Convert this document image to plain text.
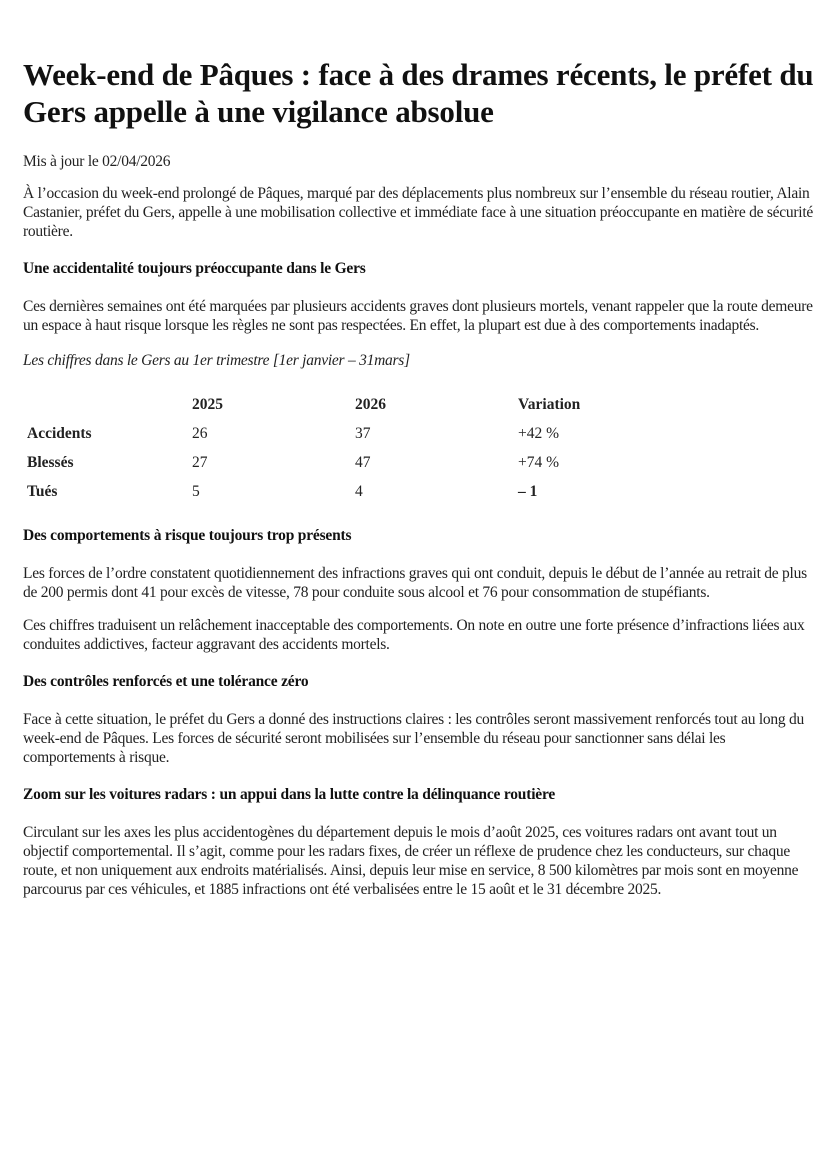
Week-end de Pâques : face à des drames récents, le préfet du Gers appelle à une vigilance absolue

Mis à jour le 02/04/2026

À l’occasion du week-end prolongé de Pâques, marqué par des déplacements plus nombreux sur l’ensemble du réseau routier, Alain Castanier, préfet du Gers, appelle à une mobilisation collective et immédiate face à une situation préoccupante en matière de sécurité routière.

Une accidentalité toujours préoccupante dans le Gers

Ces dernières semaines ont été marquées par plusieurs accidents graves dont plusieurs mortels, venant rappeler que la route demeure un espace à haut risque lorsque les règles ne sont pas respectées. En effet, la plupart est due à des comportements inadaptés.

Les chiffres dans le Gers au 1er trimestre [1er janvier – 31mars]

	2025	2026	Variation
Accidents	26	37	+42 %
Blessés	27	47	+74 %
Tués	5	4	– 1
Des comportements à risque toujours trop présents

Les forces de l’ordre constatent quotidiennement des infractions graves qui ont conduit, depuis le début de l’année au retrait de plus de 200 permis dont 41 pour excès de vitesse, 78 pour conduite sous alcool et 76 pour consommation de stupéfiants.

Ces chiffres traduisent un relâchement inacceptable des comportements. On note en outre une forte présence d’infractions liées aux conduites addictives, facteur aggravant des accidents mortels.

Des contrôles renforcés et une tolérance zéro

Face à cette situation, le préfet du Gers a donné des instructions claires : les contrôles seront massivement renforcés tout au long du week-end de Pâques. Les forces de sécurité seront mobilisées sur l’ensemble du réseau pour sanctionner sans délai les comportements à risque.

Zoom sur les voitures radars : un appui dans la lutte contre la délinquance routière

Circulant sur les axes les plus accidentogènes du département depuis le mois d’août 2025, ces voitures radars ont avant tout un objectif comportemental. Il s’agit, comme pour les radars fixes, de créer un réflexe de prudence chez les conducteurs, sur chaque route, et non uniquement aux endroits matérialisés. Ainsi, depuis leur mise en service, 8 500 kilomètres par mois sont en moyenne parcourus par ces véhicules, et 1885 infractions ont été verbalisées entre le 15 août et le 31 décembre 2025.
